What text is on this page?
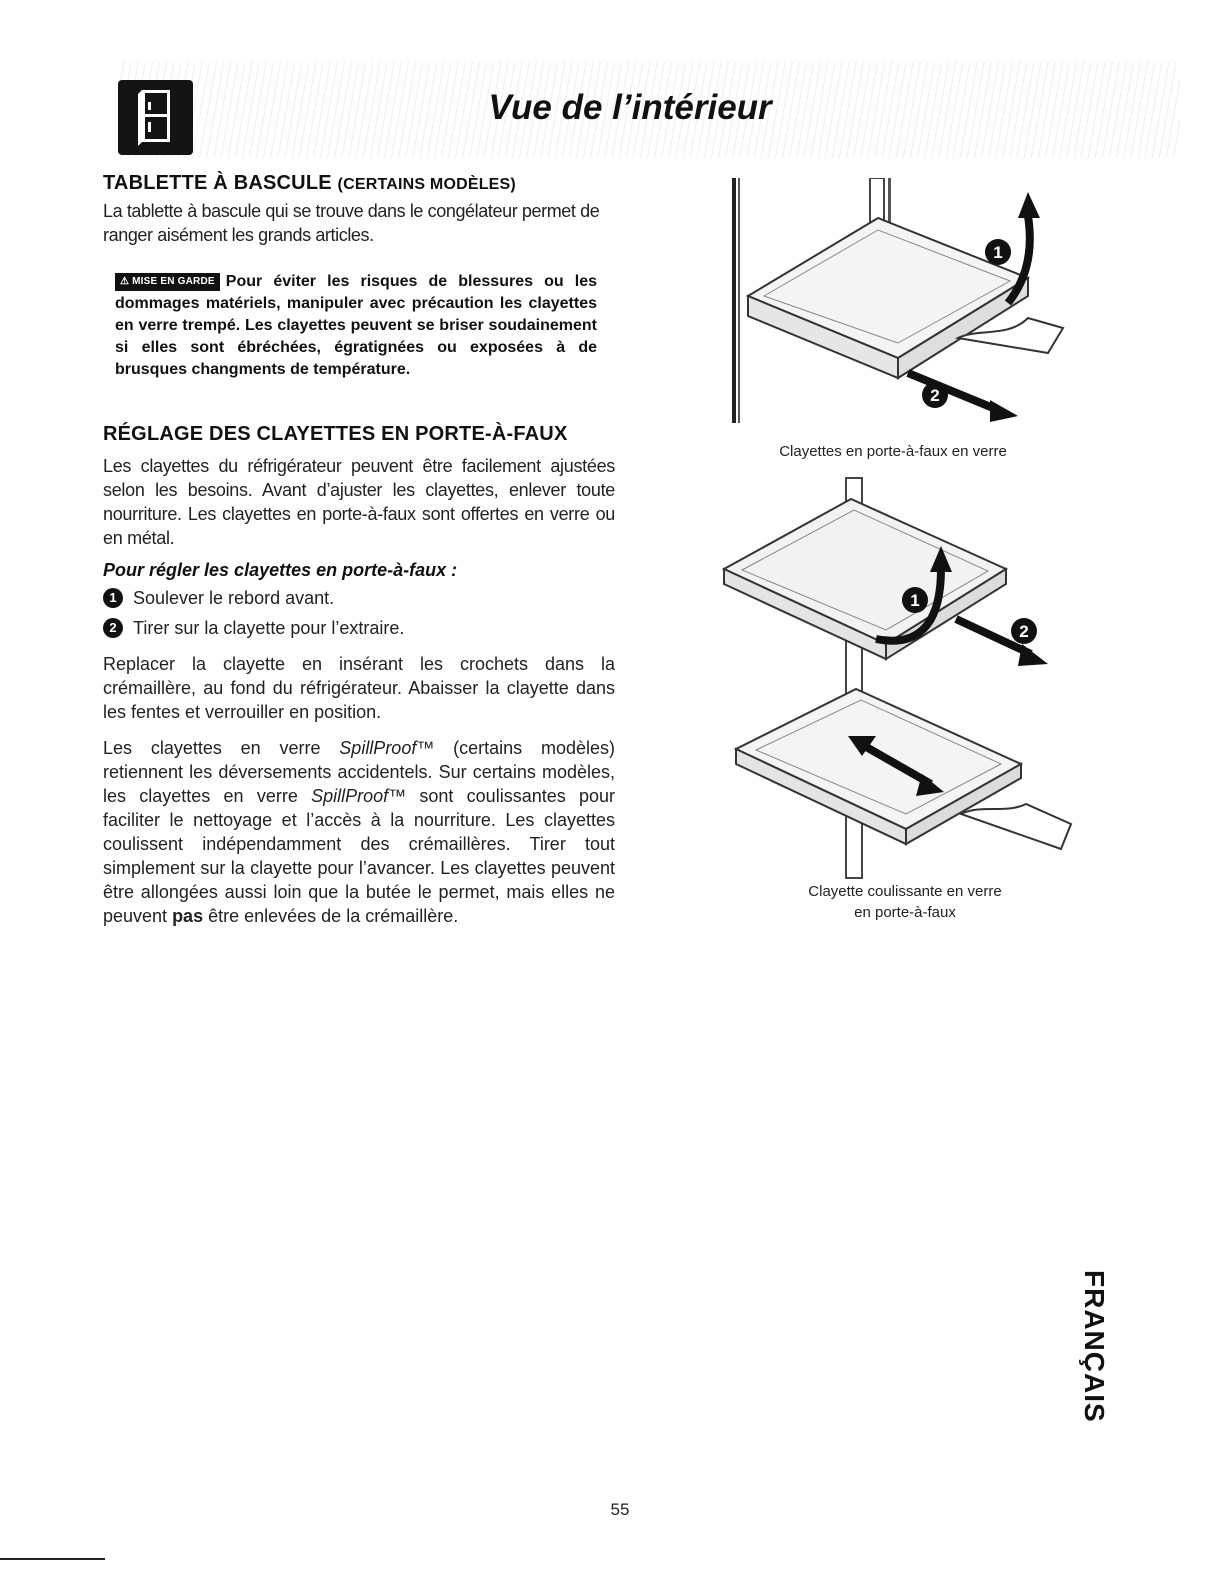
Vue de l’intérieur
TABLETTE À BASCULE (CERTAINS MODÈLES)

La tablette à bascule qui se trouve dans le congélateur permet de ranger aisément les grands articles.

⚠ MISE EN GARDE Pour éviter les risques de blessures ou les dommages matériels, manipuler avec précaution les clayettes en verre trempé. Les clayettes peuvent se briser soudainement si elles sont ébréchées, égratignées ou exposées à de brusques changments de température.
RÉGLAGE DES CLAYETTES EN PORTE-À-FAUX

Les clayettes du réfrigérateur peuvent être facilement ajustées selon les besoins. Avant d’ajuster les clayettes, enlever toute nourriture. Les clayettes en porte-à-faux sont offertes en verre ou en métal.

Pour régler les clayettes en porte-à-faux :

1 Soulever le rebord avant.
2 Tirer sur la clayette pour l’extraire.

Replacer la clayette en insérant les crochets dans la crémaillère, au fond du réfrigérateur. Abaisser la clayette dans les fentes et verrouiller en position.

Les clayettes en verre SpillProof™ (certains modèles) retiennent les déversements accidentels. Sur certains modèles, les clayettes en verre SpillProof™ sont coulissantes pour faciliter le nettoyage et l’accès à la nourriture. Les clayettes coulissent indépendamment des crémaillères. Tirer tout simplement sur la clayette pour l’avancer. Les clayettes peuvent être allongées aussi loin que la butée le permet, mais elles ne peuvent pas être enlevées de la crémaillère.

1
2
Clayettes en porte-à-faux en verre
1
2
Clayette coulissante en verre
en porte-à-faux
FRANÇAIS
55
